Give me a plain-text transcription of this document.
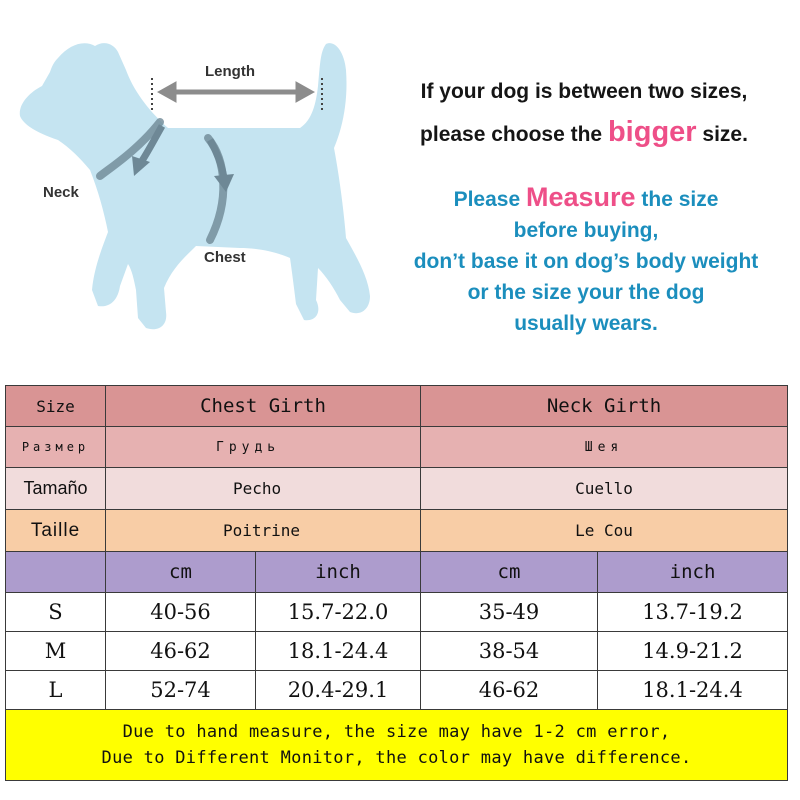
Length
Neck
Chest
If your dog is between two sizes,
please choose the bigger size.
Please Measure the size
before buying,
don’t base it on dog’s body weight
or the size your the dog
usually wears.
Size	Chest Girth		Neck Girth	
Размер	Грудь		Шея	
Tamaño	Pecho		Cuello	
Taille	Poitrine		Le Cou	
	cm	inch	cm	inch
S	40-56	15.7-22.0	35-49	13.7-19.2
M	46-62	18.1-24.4	38-54	14.9-21.2
L	52-74	20.4-29.1	46-62	18.1-24.4

Due to hand measure, the size may have 1-2 cm error,
Due to Different Monitor, the color may have difference.				
